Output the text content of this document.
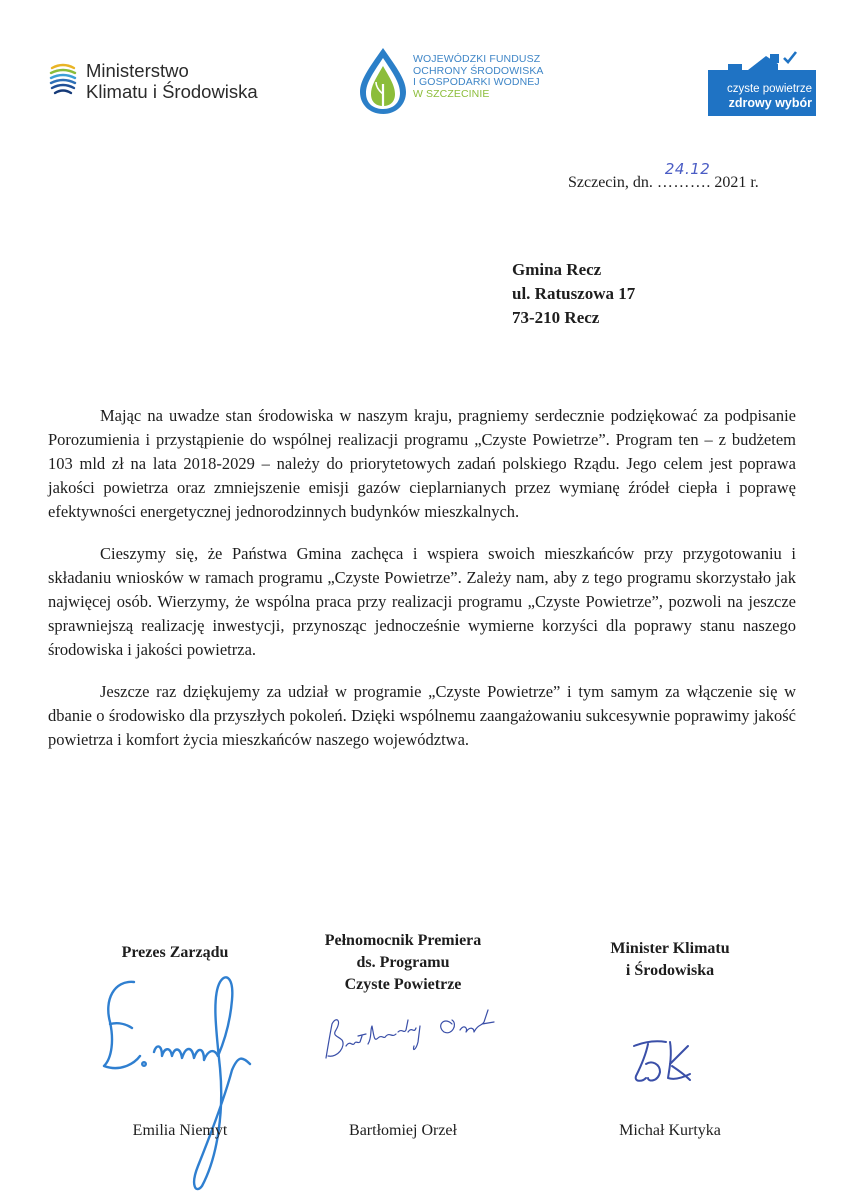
Ministerstwo
Klimatu i Środowiska
WOJEWÓDZKI FUNDUSZ
OCHRONY ŚRODOWISKA
I GOSPODARKI WODNEJ
W SZCZECINIE	czyste powietrze
zdrowy wybór
Szczecin, dn. ………
24.12
. 2021 r.
Gmina Recz
ul. Ratuszowa 17
73-210 Recz

Mając na uwadze stan środowiska w naszym kraju, pragniemy serdecznie podziękować za podpisanie Porozumienia i przystąpienie do wspólnej realizacji programu „Czyste Powietrze”. Program ten – z budżetem 103 mld zł na lata 2018-2029 – należy do priorytetowych zadań polskiego Rządu. Jego celem jest poprawa jakości powietrza oraz zmniejszenie emisji gazów cieplarnianych przez wymianę źródeł ciepła i poprawę efektywności energetycznej jednorodzinnych budynków mieszkalnych.

Cieszymy się, że Państwa Gmina zachęca i wspiera swoich mieszkańców przy przygotowaniu i składaniu wniosków w ramach programu „Czyste Powietrze”. Zależy nam, aby z tego programu skorzystało jak najwięcej osób. Wierzymy, że wspólna praca przy realizacji programu „Czyste Powietrze”, pozwoli na jeszcze sprawniejszą realizację inwestycji, przynosząc jednocześnie wymierne korzyści dla poprawy stanu naszego środowiska i jakości powietrza.

Jeszcze raz dziękujemy za udział w programie „Czyste Powietrze” i tym samym za włączenie się w dbanie o środowisko dla przyszłych pokoleń. Dzięki wspólnemu zaangażowaniu sukcesywnie poprawimy jakość powietrza i komfort życia mieszkańców naszego województwa.

Prezes Zarządu
Pełnomocnik Premiera
ds. Programu
Czyste Powietrze
Minister Klimatu
i Środowiska
Emilia Niemyt	Bartłomiej Orzeł	Michał Kurtyka
